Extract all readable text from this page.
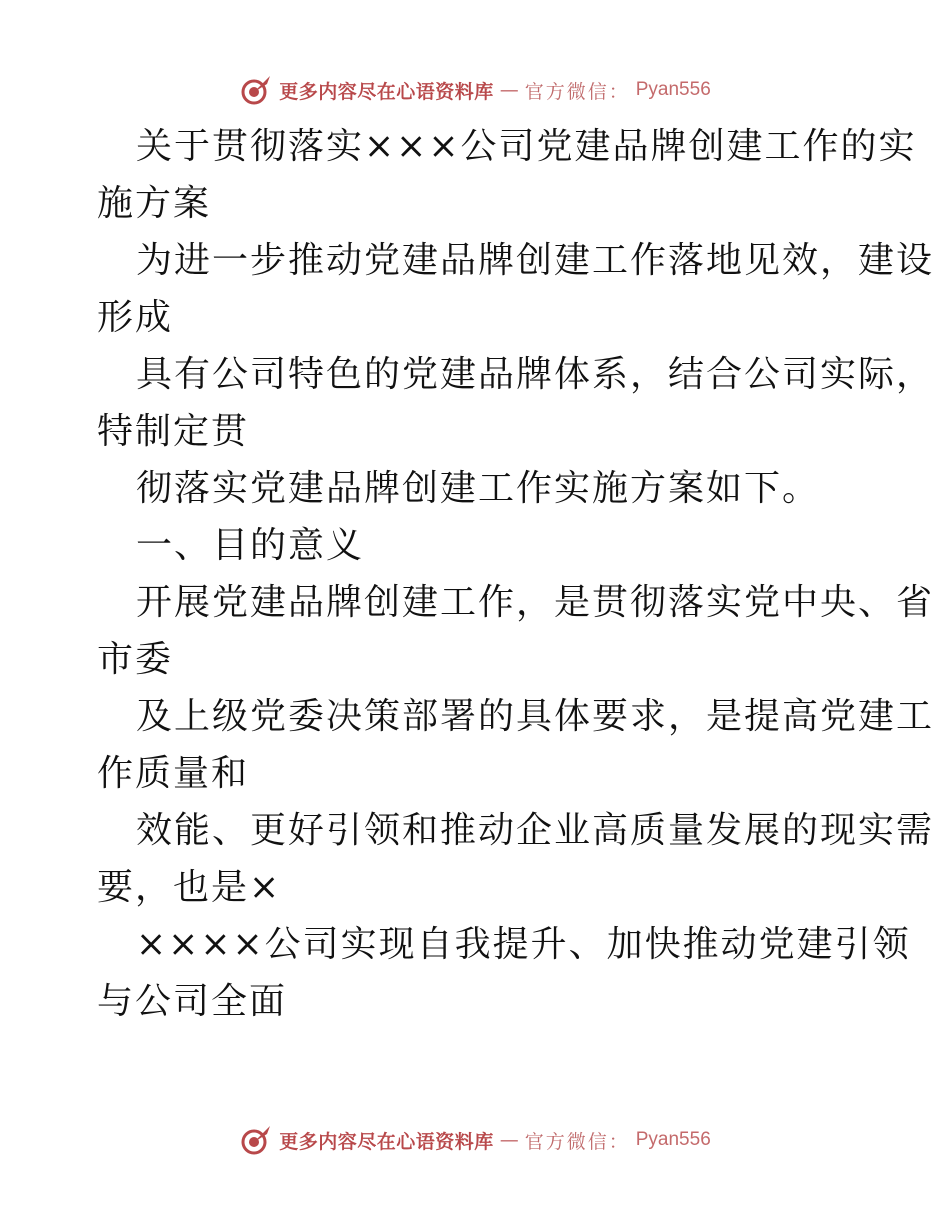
更多内容尽在心语资料库 — 官方微信： Pyan556
关于贯彻落实×××公司党建品牌创建工作的实
施方案
为进一步推动党建品牌创建工作落地见效，建设
形成
具有公司特色的党建品牌体系，结合公司实际，
特制定贯
彻落实党建品牌创建工作实施方案如下。
一、目的意义
开展党建品牌创建工作，是贯彻落实党中央、省
市委
及上级党委决策部署的具体要求，是提高党建工
作质量和
效能、更好引领和推动企业高质量发展的现实需
要，也是×
××××公司实现自我提升、加快推动党建引领
与公司全面
更多内容尽在心语资料库 — 官方微信： Pyan556
